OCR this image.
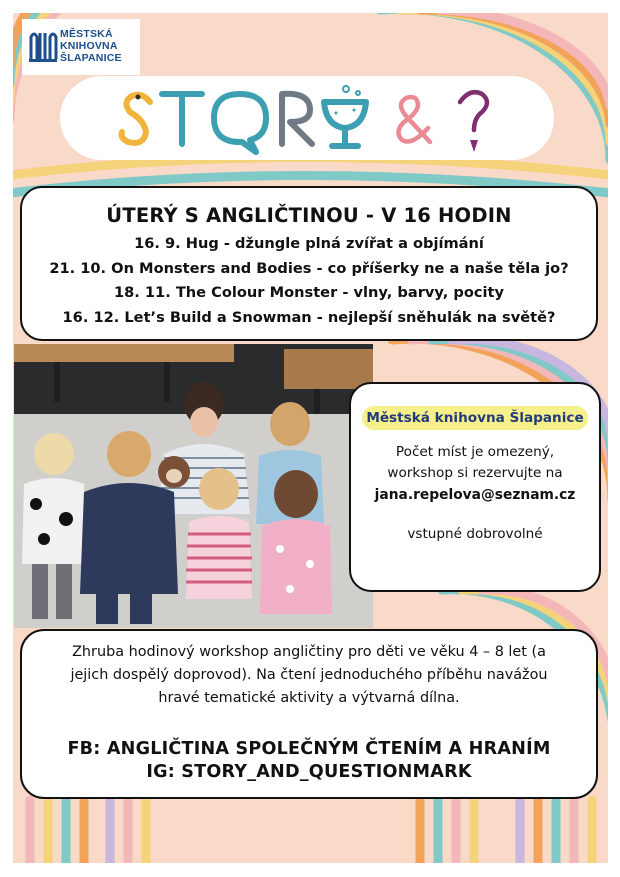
MĚSTSKÁ
KNIHOVNA
ŠLAPANICE
ÚTERÝ S ANGLIČTINOU - V 16 HODIN
16. 9. Hug - džungle plná zvířat a objímání
21. 10. On Monsters and Bodies - co příšerky ne a naše těla jo?
18. 11. The Colour Monster - vlny, barvy, pocity
16. 12. Let’s Build a Snowman - nejlepší sněhulák na světě?
Městská knihovna Šlapanice
Počet míst je omezený,
workshop si rezervujte na
jana.repelova@seznam.cz
vstupné dobrovolné
Zhruba hodinový workshop angličtiny pro děti ve věku 4 – 8 let (a
jejich dospělý doprovod). Na čtení jednoduchého příběhu navážou
hravé tematické aktivity a výtvarná dílna.
FB: ANGLIČTINA SPOLEČNÝM ČTENÍM A HRANÍM
IG: STORY_AND_QUESTIONMARK
